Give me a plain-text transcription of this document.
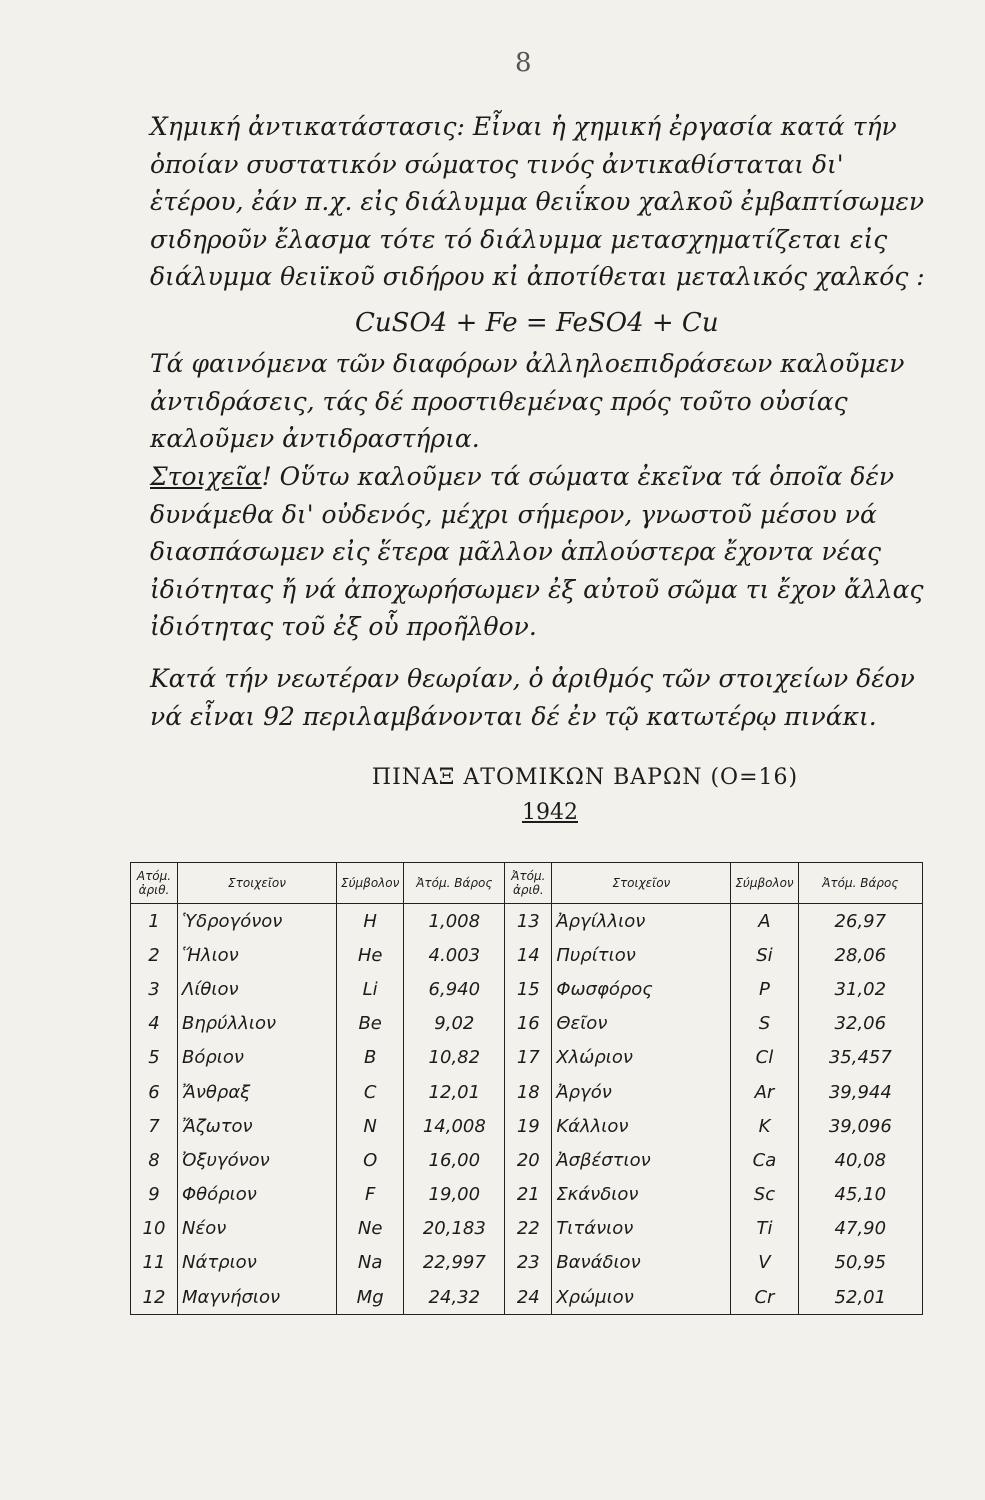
8
Χημική ἀντικατάστασις: Εἶναι ἡ χημική ἐργασία κατά τήν ὁποίαν συστατικόν σώματος τινός ἀντικαθίσταται δι' ἑτέρου, ἐάν π.χ. εἰς διάλυμμα θειΐκου χαλκοῦ ἐμβαπτίσωμεν σιδηροῦν ἔλασμα τότε τό διάλυμμα μετασχηματίζεται εἰς διάλυμμα θειϊκοῦ σιδήρου κἰ ἀποτίθεται μεταλικός χαλκός :
CuSO4 + Fe = FeSO4 + Cu
Τά φαινόμενα τῶν διαφόρων ἀλληλοεπιδράσεων καλοῦμεν ἀντιδράσεις, τάς δέ προστιθεμένας πρός τοῦτο οὐσίας καλοῦμεν ἀντιδραστήρια.
Στοιχεῖα! Οὕτω καλοῦμεν τά σώματα ἐκεῖνα τά ὁποῖα δέν δυνάμεθα δι' οὐδενός, μέχρι σήμερον, γνωστοῦ μέσου νά διασπάσωμεν εἰς ἕτερα μᾶλλον ἁπλούστερα ἔχοντα νέας ἰδιότητας ἤ νά ἀποχωρήσωμεν ἐξ αὐτοῦ σῶμα τι ἔχον ἄλλας ἰδιότητας τοῦ ἐξ οὗ προῆλθον.
Κατά τήν νεωτέραν θεωρίαν, ὁ ἀριθμός τῶν στοιχείων δέον νά εἶναι 92 περιλαμβάνονται δέ ἐν τῷ κατωτέρῳ πινάκι.
ΠΙΝΑΞ ΑΤΟΜΙΚΩΝ ΒΑΡΩΝ (O=16)
1942
Ατόμ. ἀριθ.	Στοιχεῖον	Σύμβολον	Ἀτόμ. Βάρος	Ἀτόμ. ἀριθ.	Στοιχεῖον	Σύμβολον	Ἀτόμ. Βάρος
1	Ὑδρογόνον	H	1,008	13	Ἀργίλλιον	A	26,97
2	Ἥλιον	He	4.003	14	Πυρίτιον	Si	28,06
3	Λίθιον	Li	6,940	15	Φωσφόρος	P	31,02
4	Βηρύλλιον	Be	9,02	16	Θεῖον	S	32,06
5	Βόριον	B	10,82	17	Χλώριον	Cl	35,457
6	Ἄνθραξ	C	12,01	18	Ἀργόν	Ar	39,944
7	Ἄζωτον	N	14,008	19	Κάλλιον	K	39,096
8	Ὀξυγόνον	O	16,00	20	Ἀσβέστιον	Ca	40,08
9	Φθόριον	F	19,00	21	Σκάνδιον	Sc	45,10
10	Νέον	Ne	20,183	22	Τιτάνιον	Ti	47,90
11	Νάτριον	Na	22,997	23	Βανάδιον	V	50,95
12	Μαγνήσιον	Mg	24,32	24	Χρώμιον	Cr	52,01
